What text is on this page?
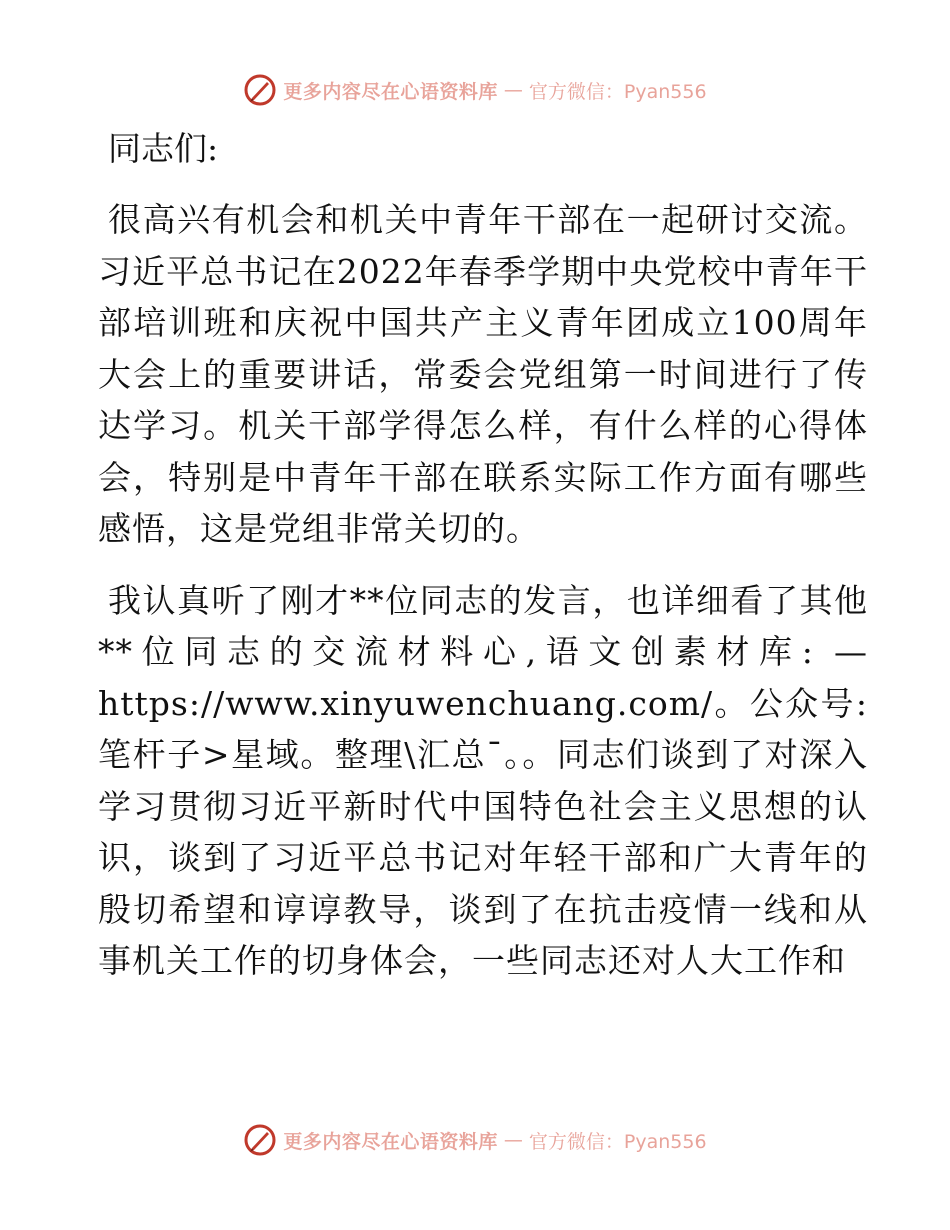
更多内容尽在心语资料库 — 官方微信：Pyan556
同志们:

很高兴有机会和机关中青年干部在一起研讨交流。习近平总书记在2022年春季学期中央党校中青年干部培训班和庆祝中国共产主义青年团成立100周年大会上的重要讲话，常委会党组第一时间进行了传达学习。机关干部学得怎么样，有什么样的心得体会，特别是中青年干部在联系实际工作方面有哪些感悟，这是党组非常关切的。

我认真听了刚才**位同志的发言，也详细看了其他**位同志的交流材料心,语文创素材库: —https://www.xinyuwenchuang.com/。公众号: 笔杆子>星域。整理\汇总¯。。同志们谈到了对深入学习贯彻习近平新时代中国特色社会主义思想的认识，谈到了习近平总书记对年轻干部和广大青年的殷切希望和谆谆教导，谈到了在抗击疫情一线和从事机关工作的切身体会，一些同志还对人大工作和

更多内容尽在心语资料库 — 官方微信：Pyan556
